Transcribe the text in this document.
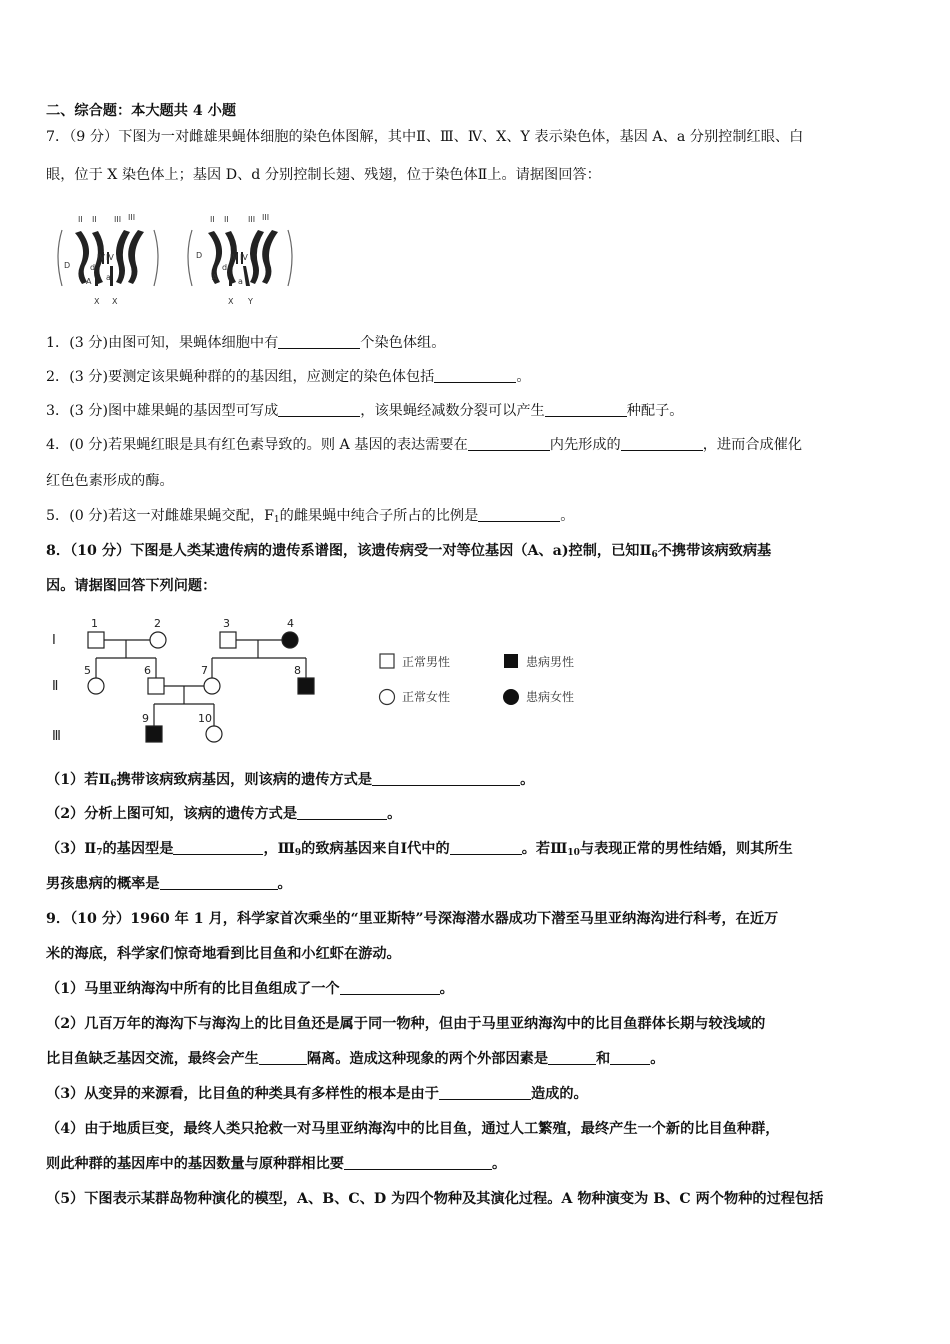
二、综合题：本大题共 4 小题
7．（9 分）下图为一对雌雄果蝇体细胞的染色体图解，其中Ⅱ、Ⅲ、Ⅳ、X、Y 表示染色体，基因 A、a 分别控制红眼、白
眼，位于 X 染色体上；基因 D、d 分别控制长翅、残翅，位于染色体Ⅱ上。请据图回答：
II II III III
IV IV
D d
A a
X X
II II III III
IV IV
D
d
A	a
X Y
1．(3 分)由图可知，果蝇体细胞中有	个染色体组。
2．(3 分)要测定该果蝇种群的的基因组，应测定的染色体包括	。
3．(3 分)图中雄果蝇的基因型可写成	，该果蝇经减数分裂可以产生	种配子。
4．(0 分)若果蝇红眼是具有红色素导致的。则 A 基因的表达需要在	内先形成的	，进而合成催化
红色色素形成的酶。
5．(0 分)若这一对雌雄果蝇交配，F1的雌果蝇中纯合子所占的比例是	。
8．（10 分）下图是人类某遗传病的遗传系谱图，该遗传病受一对等位基因（A、a)控制，已知Ⅱ6不携带该病致病基
因。请据图回答下列问题：
Ⅰ
Ⅱ
Ⅲ
1	2	3	4
5	6	7	8
9	10
正常男性	患病男性
正常女性	患病女性
（1）若Ⅱ6携带该病致病基因，则该病的遗传方式是	。
（2）分析上图可知，该病的遗传方式是	。
（3）Ⅱ7的基因型是	，Ⅲ9的致病基因来自Ⅰ代中的	。若Ⅲ10与表现正常的男性结婚，则其所生
男孩患病的概率是	。
9．（10 分）1960 年 1 月，科学家首次乘坐的“里亚斯特”号深海潜水器成功下潜至马里亚纳海沟进行科考，在近万
米的海底，科学家们惊奇地看到比目鱼和小红虾在游动。
（1）马里亚纳海沟中所有的比目鱼组成了一个	。
（2）几百万年的海沟下与海沟上的比目鱼还是属于同一物种，但由于马里亚纳海沟中的比目鱼群体长期与较浅域的
比目鱼缺乏基因交流，最终会产生	隔离。造成这种现象的两个外部因素是	和	。
（3）从变异的来源看，比目鱼的种类具有多样性的根本是由于	造成的。
（4）由于地质巨变，最终人类只抢救一对马里亚纳海沟中的比目鱼，通过人工繁殖，最终产生一个新的比目鱼种群，
则此种群的基因库中的基因数量与原种群相比要	。
（5）下图表示某群岛物种演化的模型，A、B、C、D 为四个物种及其演化过程。A 物种演变为 B、C 两个物种的过程包括
